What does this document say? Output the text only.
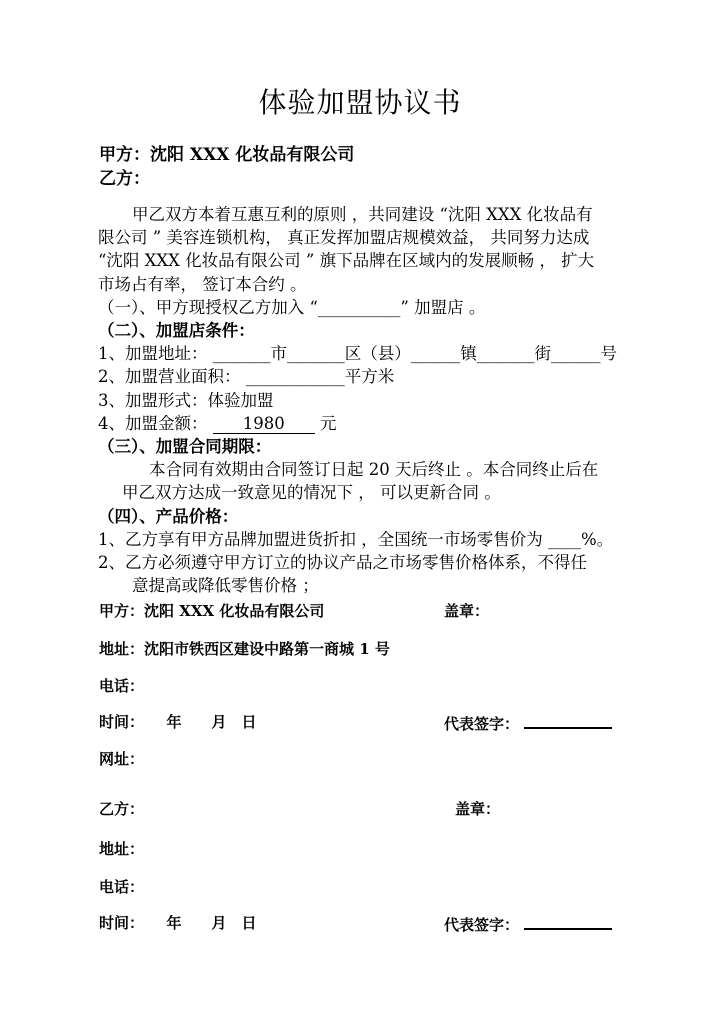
体验加盟协议书
甲方：沈阳 XXX 化妆品有限公司
乙方：
甲乙双方本着互惠互利的原则 ，共同建设 “沈阳 XXX 化妆品有
限公司 ” 美容连锁机构， 真正发挥加盟店规模效益， 共同努力达成
“沈阳 XXX 化妆品有限公司 ” 旗下品牌在区域内的发展顺畅 ， 扩大
市场占有率， 签订本合约 。
（一）、甲方现授权乙方加入 “__________” 加盟店 。
（二）、加盟店条件：
1、加盟地址： _______市_______区（县）______镇_______街______号
2、加盟营业面积： ____________平方米
3、加盟形式：体验加盟
4、加盟金额： 1980 元
（三）、加盟合同期限：
本合同有效期由合同签订日起 20 天后终止 。本合同终止后在
甲乙双方达成一致意见的情况下 ， 可以更新合同 。
（四）、产品价格：
1、乙方享有甲方品牌加盟进货折扣 ，全国统一市场零售价为 ____%。
2、乙方必须遵守甲方订立的协议产品之市场零售价格体系，不得任
意提高或降低零售价格 ；
甲方：沈阳 XXX 化妆品有限公司	盖章：
地址：沈阳市铁西区建设中路第一商城 1 号
电话：
时间：　　年　　月　日	代表签字：
网址：
乙方：	盖章：
地址：
电话：
时间：　　年　　月　日	代表签字：
